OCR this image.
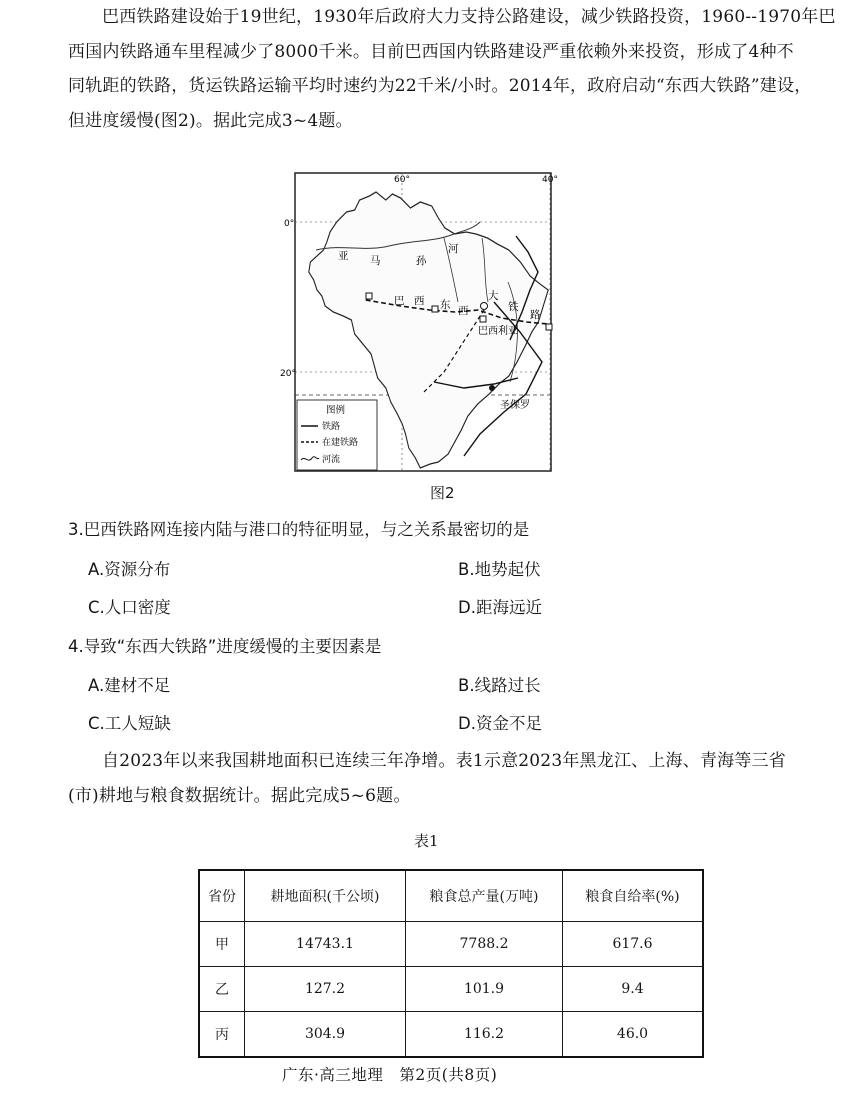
巴西铁路建设始于19世纪，1930年后政府大力支持公路建设，减少铁路投资，1960--1970年巴
西国内铁路通车里程减少了8000千米。目前巴西国内铁路建设严重依赖外来投资，形成了4种不
同轨距的铁路，货运铁路运输平均时速约为22千米/小时。2014年，政府启动“东西大铁路”建设，
但进度缓慢(图2)。据此完成3~4题。
60°	40°
0°
20°
亚 马	孙
河
巴 西 东 西
大
铁
路
巴西利亚
圣保罗
图例
铁路
在建铁路
河流
图2
3.巴西铁路网连接内陆与港口的特征明显，与之关系最密切的是
A.资源分布	B.地势起伏
C.人口密度	D.距海远近
4.导致“东西大铁路”进度缓慢的主要因素是
A.建材不足	B.线路过长
C.工人短缺	D.资金不足
自2023年以来我国耕地面积已连续三年净增。表1示意2023年黑龙江、上海、青海等三省
(市)耕地与粮食数据统计。据此完成5~6题。
表1
省份	耕地面积(千公顷)	粮食总产量(万吨)	粮食自给率(%)
甲	14743.1	7788.2	617.6
乙	127.2	101.9	9.4
丙	304.9	116.2	46.0
广东·高三地理　第2页(共8页)
